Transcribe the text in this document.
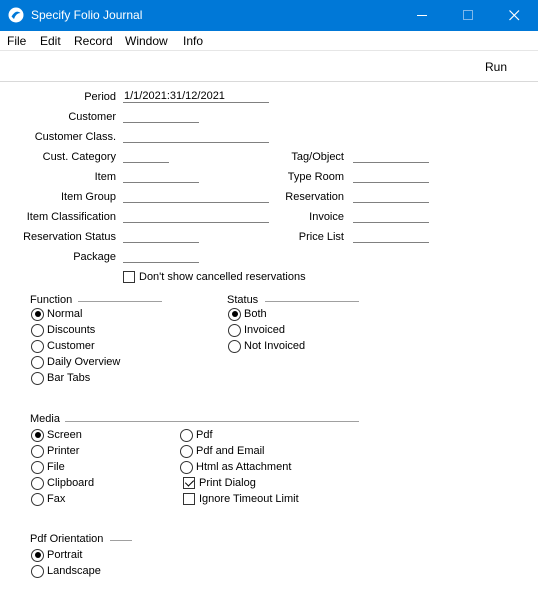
Specify Folio Journal
File Edit Record Window Info
Run
Period
1/1/2021:31/12/2021
Customer
Customer Class.
Cust. Category
Item
Item Group
Item Classification
Reservation Status
Package
Tag/Object
Type Room
Reservation
Invoice
Price List
Don't show cancelled reservations
Function
Normal
Discounts
Customer
Daily Overview
Bar Tabs
Status
Both
Invoiced
Not Invoiced
Media
Screen
Printer
File
Clipboard
Fax
Pdf
Pdf and Email
Html as Attachment
Print Dialog
Ignore Timeout Limit
Pdf Orientation
Portrait
Landscape
